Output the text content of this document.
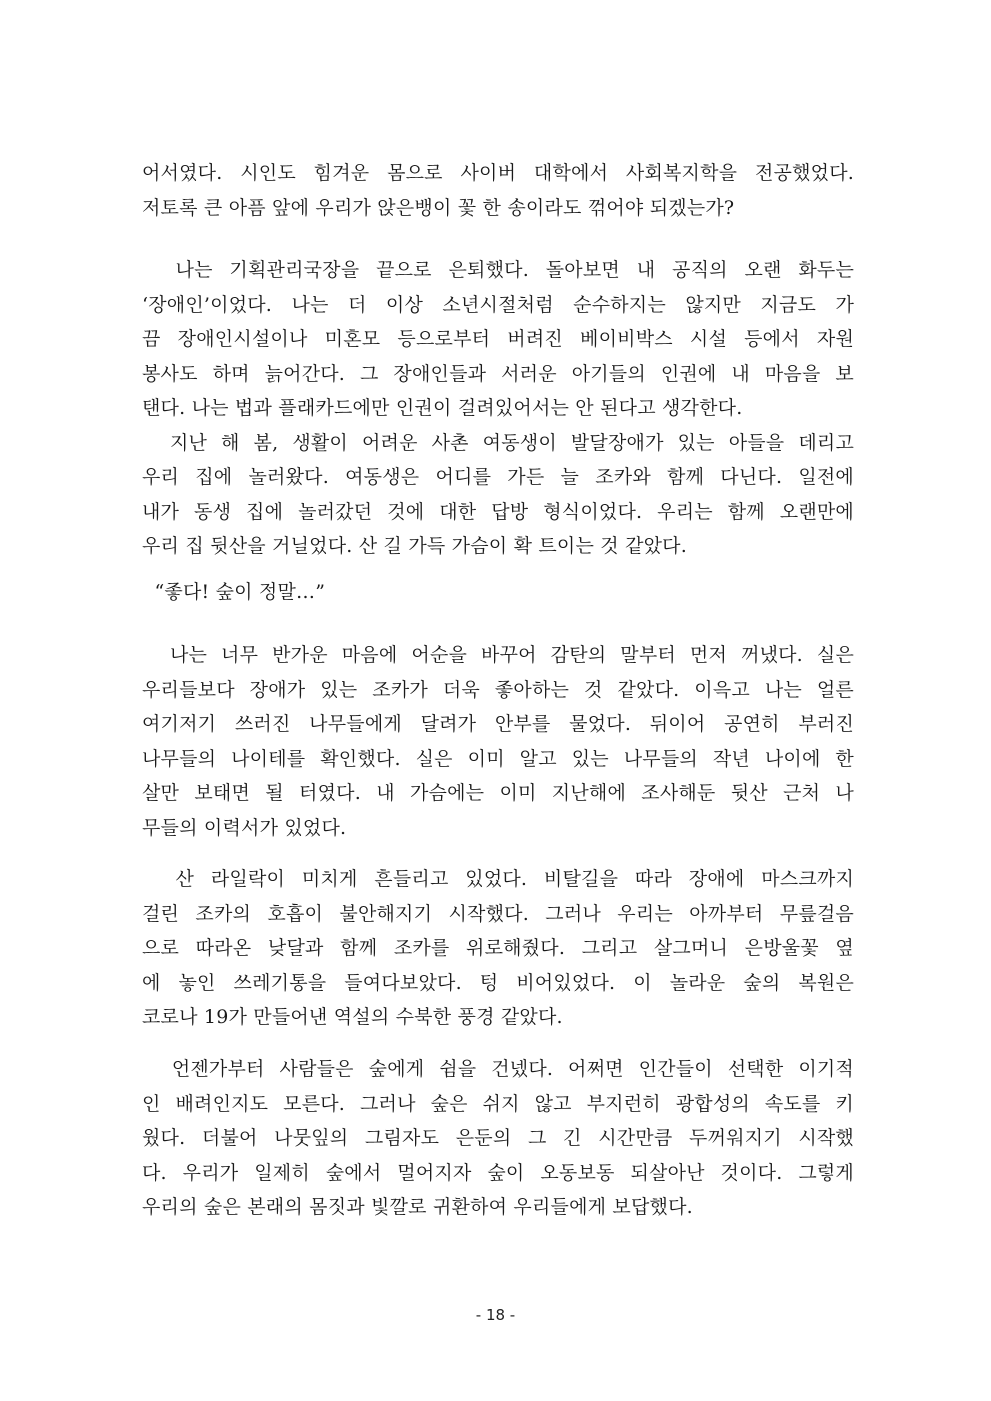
어서였다. 시인도 힘겨운 몸으로 사이버 대학에서 사회복지학을 전공했었다.
저토록 큰 아픔 앞에 우리가 앉은뱅이 꽃 한 송이라도 꺾어야 되겠는가?
나는 기획관리국장을 끝으로 은퇴했다. 돌아보면 내 공직의 오랜 화두는
‘장애인’이었다. 나는 더 이상 소년시절처럼 순수하지는 않지만 지금도 가
끔 장애인시설이나 미혼모 등으로부터 버려진 베이비박스 시설 등에서 자원
봉사도 하며 늙어간다. 그 장애인들과 서러운 아기들의 인권에 내 마음을 보
탠다. 나는 법과 플래카드에만 인권이 걸려있어서는 안 된다고 생각한다.
지난 해 봄, 생활이 어려운 사촌 여동생이 발달장애가 있는 아들을 데리고
우리 집에 놀러왔다. 여동생은 어디를 가든 늘 조카와 함께 다닌다. 일전에
내가 동생 집에 놀러갔던 것에 대한 답방 형식이었다. 우리는 함께 오랜만에
우리 집 뒷산을 거닐었다. 산 길 가득 가슴이 확 트이는 것 같았다.
“좋다! 숲이 정말…”
나는 너무 반가운 마음에 어순을 바꾸어 감탄의 말부터 먼저 꺼냈다. 실은
우리들보다 장애가 있는 조카가 더욱 좋아하는 것 같았다. 이윽고 나는 얼른
여기저기 쓰러진 나무들에게 달려가 안부를 물었다. 뒤이어 공연히 부러진
나무들의 나이테를 확인했다. 실은 이미 알고 있는 나무들의 작년 나이에 한
살만 보태면 될 터였다. 내 가슴에는 이미 지난해에 조사해둔 뒷산 근처 나
무들의 이력서가 있었다.
산 라일락이 미치게 흔들리고 있었다. 비탈길을 따라 장애에 마스크까지
걸린 조카의 호흡이 불안해지기 시작했다. 그러나 우리는 아까부터 무릎걸음
으로 따라온 낮달과 함께 조카를 위로해줬다. 그리고 살그머니 은방울꽃 옆
에 놓인 쓰레기통을 들여다보았다. 텅 비어있었다. 이 놀라운 숲의 복원은
코로나 19가 만들어낸 역설의 수북한 풍경 같았다.
언젠가부터 사람들은 숲에게 쉼을 건넸다. 어쩌면 인간들이 선택한 이기적
인 배려인지도 모른다. 그러나 숲은 쉬지 않고 부지런히 광합성의 속도를 키
웠다. 더불어 나뭇잎의 그림자도 은둔의 그 긴 시간만큼 두꺼워지기 시작했
다. 우리가 일제히 숲에서 멀어지자 숲이 오동보동 되살아난 것이다. 그렇게
우리의 숲은 본래의 몸짓과 빛깔로 귀환하여 우리들에게 보답했다.
- 18 -
